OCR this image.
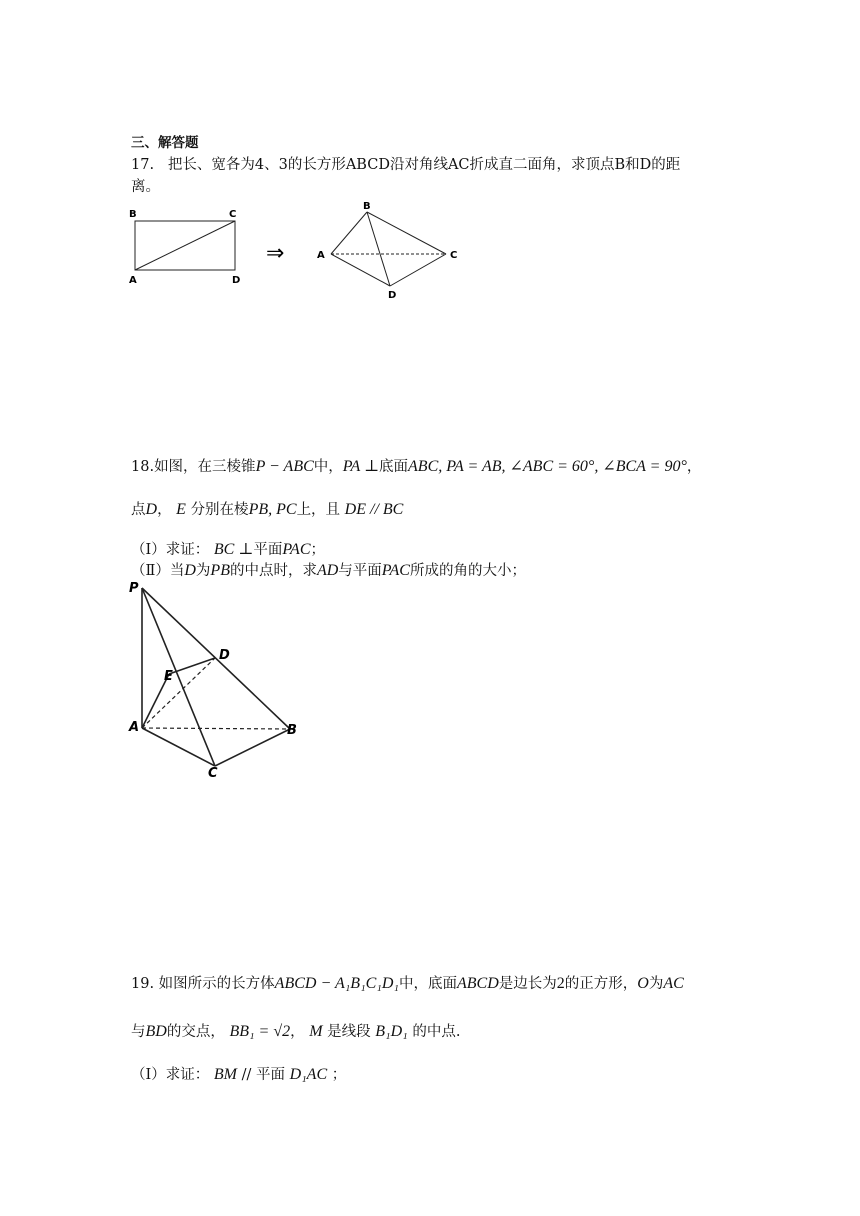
三、解答题
17. 把长、宽各为4、3的长方形ABCD沿对角线AC折成直二面角，求顶点B和D的距
离。
B	C
A	D
⇒
B
A	C
D
18.如图，在三棱锥P − ABC中，PA ⊥底面ABC, PA = AB, ∠ABC = 60°, ∠BCA = 90°，
点D， E 分别在棱PB, PC上，且 DE // BC
（Ⅰ）求证： BC ⊥平面PAC；
（Ⅱ）当D为PB的中点时，求AD与平面PAC所成的角的大小；
P
D
E
A	B
C
19. 如图所示的长方体ABCD − A₁B₁C₁D₁中，底面ABCD是边长为2的正方形，O为AC
与BD的交点， BB₁ = √2， M 是线段 B₁D₁ 的中点.
（Ⅰ）求证： BM // 平面 D₁AC ；
